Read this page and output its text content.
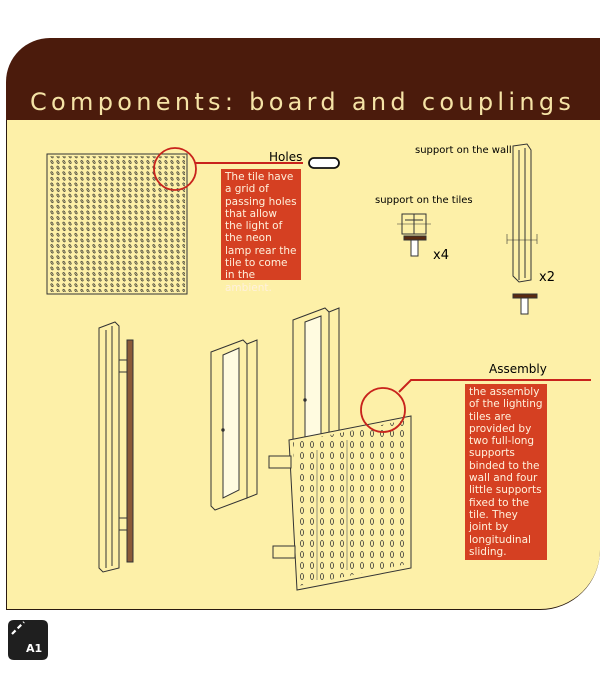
Components: board and couplings
Holes
The tile have a grid of passing holes that allow the light of the neon lamp rear the tile to come in the ambient.
support on the wall
support on the tiles
x4
x2
Assembly
the assembly of the lighting tiles are provided by two full-long supports binded to the wall and four little supports fixed to the tile. They joint by longitudinal sliding.
A1
